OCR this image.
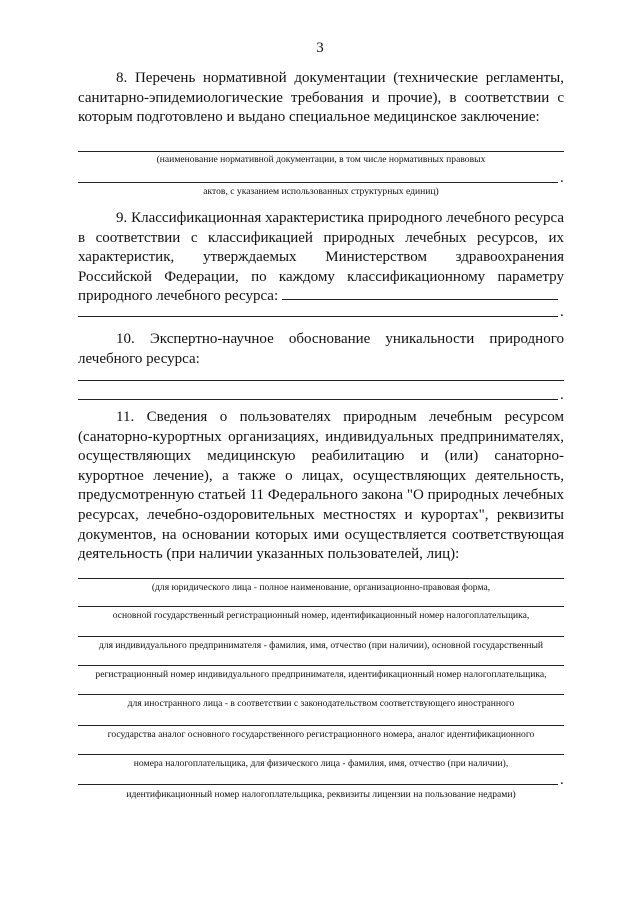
3
8. Перечень нормативной документации (технические регламенты, санитарно-эпидемиологические требования и прочие), в соответствии с которым подготовлено и выдано специальное медицинское заключение:
(наименование нормативной документации, в том числе нормативных правовых
.
актов, с указанием использованных структурных единиц)
9. Классификационная характеристика природного лечебного ресурса в соответствии с классификацией природных лечебных ресурсов, их характеристик, утверждаемых Министерством здравоохранения Российской Федерации, по каждому классификационному параметру природного лечебного ресурса:
.
10. Экспертно-научное обоснование уникальности природного лечебного ресурса:
.
11. Сведения о пользователях природным лечебным ресурсом (санаторно-курортных организациях, индивидуальных предпринимателях, осуществляющих медицинскую реабилитацию и (или) санаторно-курортное лечение), а также о лицах, осуществляющих деятельность, предусмотренную статьей 11 Федерального закона "О природных лечебных ресурсах, лечебно-оздоровительных местностях и курортах", реквизиты документов, на основании которых ими осуществляется соответствующая деятельность (при наличии указанных пользователей, лиц):
(для юридического лица - полное наименование, организационно-правовая форма,
основной государственный регистрационный номер, идентификационный номер налогоплательщика,
для индивидуального предпринимателя - фамилия, имя, отчество (при наличии), основной государственный
регистрационный номер индивидуального предпринимателя, идентификационный номер налогоплательщика,
для иностранного лица - в соответствии с законодательством соответствующего иностранного
государства аналог основного государственного регистрационного номера, аналог идентификационного
номера налогоплательщика, для физического лица - фамилия, имя, отчество (при наличии),
.
идентификационный номер налогоплательщика, реквизиты лицензии на пользование недрами)
